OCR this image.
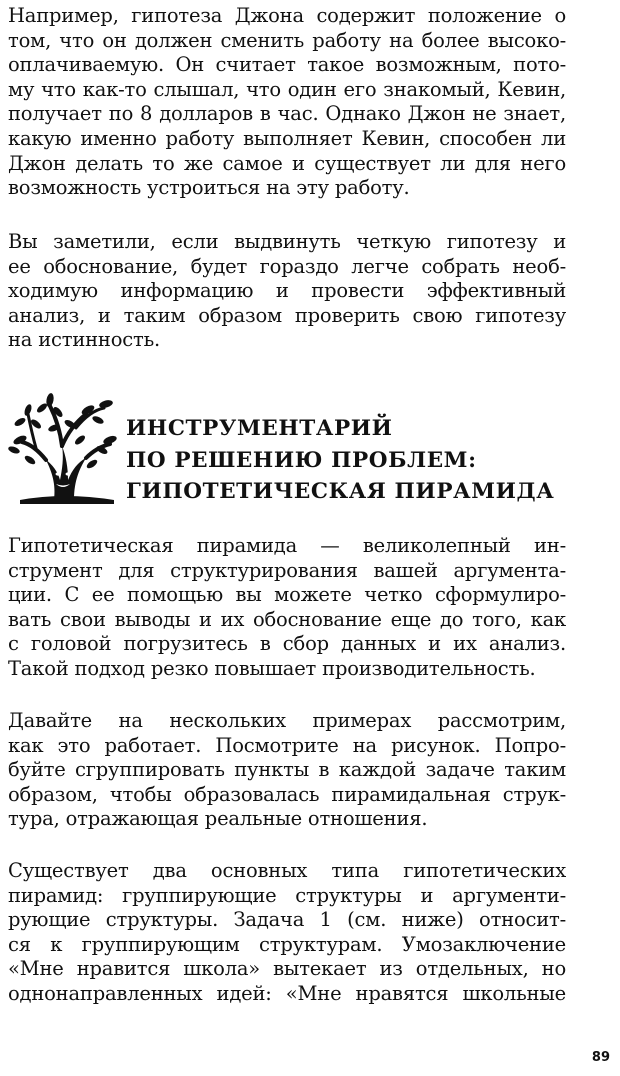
Например, гипотеза Джона содержит положение о
том, что он должен сменить работу на более высоко-
оплачиваемую. Он считает такое возможным, пото-
му что как-то слышал, что один его знакомый, Кевин,
получает по 8 долларов в час. Однако Джон не знает,
какую именно работу выполняет Кевин, способен ли
Джон делать то же самое и существует ли для него
возможность устроиться на эту работу.
Вы заметили, если выдвинуть четкую гипотезу и
ее обоснование, будет гораздо легче собрать необ-
ходимую информацию и провести эффективный
анализ, и таким образом проверить свою гипотезу
на истинность.
ИНСТРУМЕНТАРИЙ
ПО РЕШЕНИЮ ПРОБЛЕМ:
ГИПОТЕТИЧЕСКАЯ ПИРАМИДА
Гипотетическая пирамида — великолепный ин-
струмент для структурирования вашей аргумента-
ции. С ее помощью вы можете четко сформулиро-
вать свои выводы и их обоснование еще до того, как
с головой погрузитесь в сбор данных и их анализ.
Такой подход резко повышает производительность.
Давайте на нескольких примерах рассмотрим,
как это работает. Посмотрите на рисунок. Попро-
буйте сгруппировать пункты в каждой задаче таким
образом, чтобы образовалась пирамидальная струк-
тура, отражающая реальные отношения.
Существует два основных типа гипотетических
пирамид: группирующие структуры и аргументи-
рующие структуры. Задача 1 (см. ниже) относит-
ся к группирующим структурам. Умозаключение
«Мне нравится школа» вытекает из отдельных, но
однонаправленных идей: «Мне нравятся школьные
89
